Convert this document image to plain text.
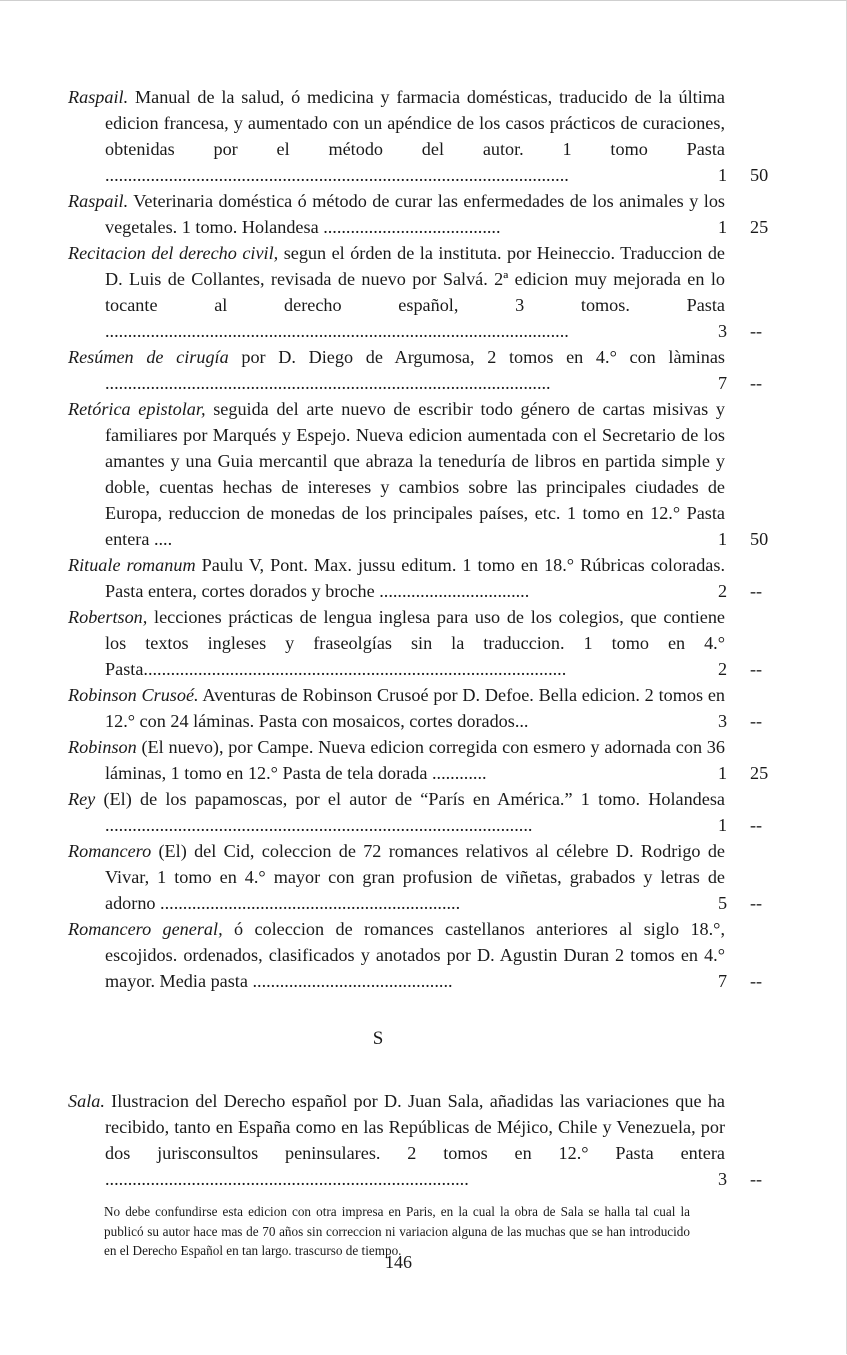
Raspail. Manual de la salud, ó medicina y farmacia domésticas, traducido de la última edicion francesa, y aumentado con un apéndice de los casos prácticos de curaciones, obtenidas por el método del autor. 1 tomo Pasta ......................................................................................................	1 50
Raspail. Veterinaria doméstica ó método de curar las enfermedades de los animales y los vegetales. 1 tomo. Holandesa .......................................	1 25
Recitacion del derecho civil, segun el órden de la instituta. por Heineccio. Traduccion de D. Luis de Collantes, revisada de nuevo por Salvá. 2ª edicion muy mejorada en lo tocante al derecho español, 3 tomos. Pasta ......................................................................................................	3 --
Resúmen de cirugía por D. Diego de Argumosa, 2 tomos en 4.° con làminas ..................................................................................................	7 --
Retórica epistolar, seguida del arte nuevo de escribir todo género de cartas misivas y familiares por Marqués y Espejo. Nueva edicion aumentada con el Secretario de los amantes y una Guia mercantil que abraza la teneduría de libros en partida simple y doble, cuentas hechas de intereses y cambios sobre las principales ciudades de Europa, reduccion de monedas de los principales países, etc. 1 tomo en 12.° Pasta entera ....	1 50
Rituale romanum Paulu V, Pont. Max. jussu editum. 1 tomo en 18.° Rúbricas coloradas. Pasta entera, cortes dorados y broche .................................	2 --
Robertson, lecciones prácticas de lengua inglesa para uso de los colegios, que contiene los textos ingleses y fraseolgías sin la traduccion. 1 tomo en 4.° Pasta.............................................................................................	2 --
Robinson Crusoé. Aventuras de Robinson Crusoé por D. Defoe. Bella edicion. 2 tomos en 12.° con 24 láminas. Pasta con mosaicos, cortes dorados...	3 --
Robinson (El nuevo), por Campe. Nueva edicion corregida con esmero y adornada con 36 láminas, 1 tomo en 12.° Pasta de tela dorada ............	1 25
Rey (El) de los papamoscas, por el autor de “París en América.” 1 tomo. Holandesa ..............................................................................................	1 --
Romancero (El) del Cid, coleccion de 72 romances relativos al célebre D. Rodrigo de Vivar, 1 tomo en 4.° mayor con gran profusion de viñetas, grabados y letras de adorno ..................................................................	5 --
Romancero general, ó coleccion de romances castellanos anteriores al siglo 18.°, escojidos. ordenados, clasificados y anotados por D. Agustin Duran 2 tomos en 4.° mayor. Media pasta ............................................	7 --
S
Sala. Ilustracion del Derecho español por D. Juan Sala, añadidas las variaciones que ha recibido, tanto en España como en las Repúblicas de Méjico, Chile y Venezuela, por dos jurisconsultos peninsulares. 2 tomos en 12.° Pasta entera ................................................................................	3 --
No debe confundirse esta edicion con otra impresa en Paris, en la cual la obra de Sala se halla tal cual la publicó su autor hace mas de 70 años sin correccion ni variacion alguna de las muchas que se han introducido en el Derecho Español en tan largo. trascurso de tiempo.
146
